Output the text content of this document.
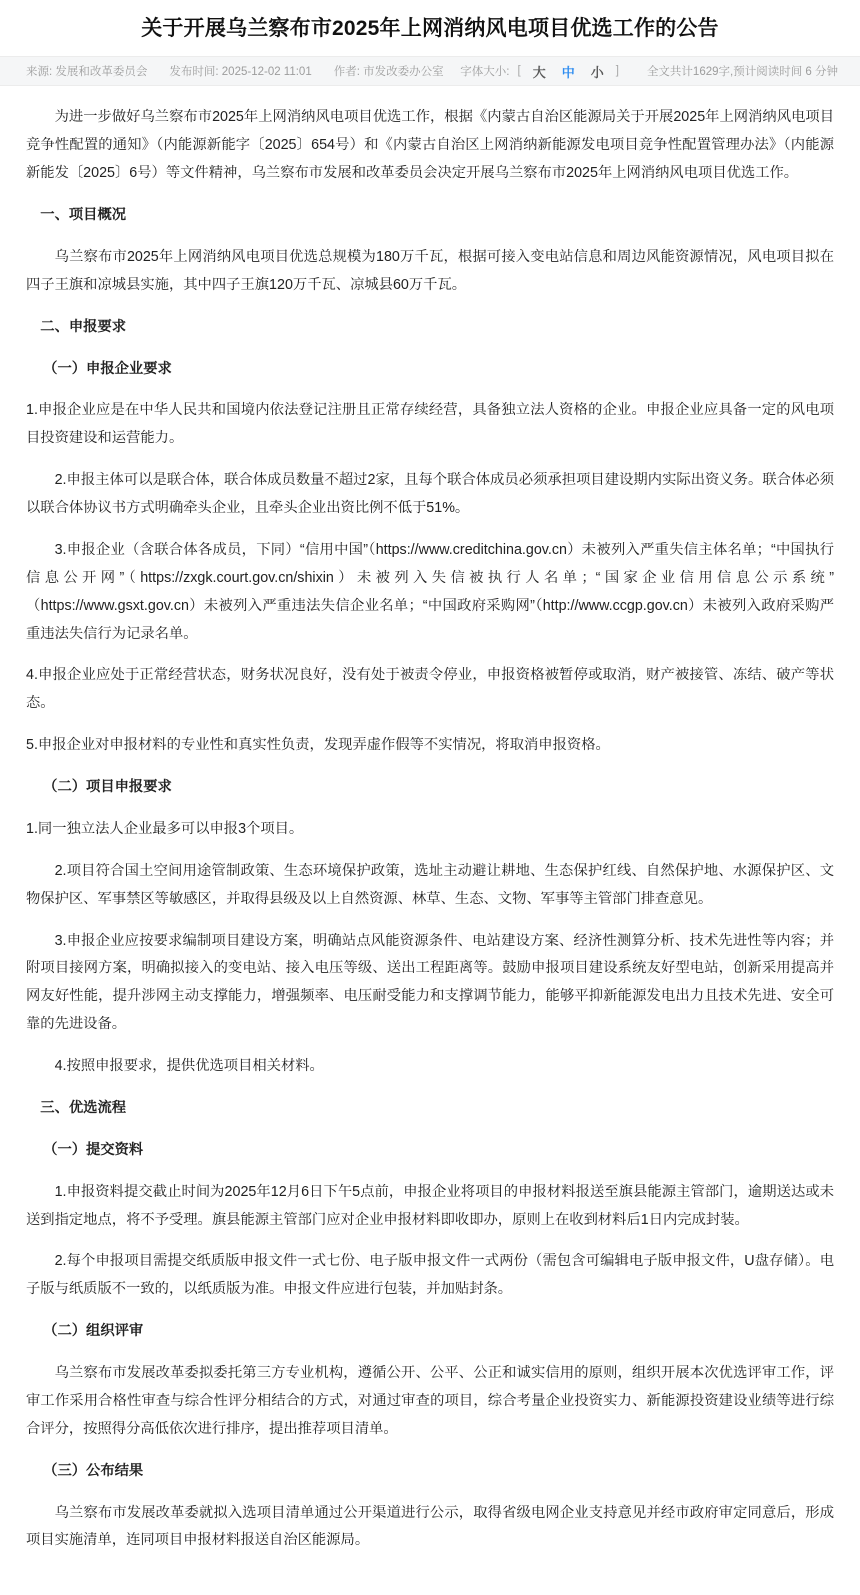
关于开展乌兰察布市2025年上网消纳风电项目优选工作的公告
来源: 发展和改革委员会 发布时间: 2025-12-02 11:01 作者: 市发改委办公室 字体大小: [ 大	中	小	] 全文共计1629字,预计阅读时间 6 分钟

为进一步做好乌兰察布市2025年上网消纳风电项目优选工作，根据《内蒙古自治区能源局关于开展2025年上网消纳风电项目竞争性配置的通知》（内能源新能字〔2025〕654号）和《内蒙古自治区上网消纳新能源发电项目竞争性配置管理办法》（内能源新能发〔2025〕6号）等文件精神，乌兰察布市发展和改革委员会决定开展乌兰察布市2025年上网消纳风电项目优选工作。

一、项目概况

乌兰察布市2025年上网消纳风电项目优选总规模为180万千瓦，根据可接入变电站信息和周边风能资源情况，风电项目拟在四子王旗和凉城县实施，其中四子王旗120万千瓦、凉城县60万千瓦。

二、申报要求

（一）申报企业要求

1.申报企业应是在中华人民共和国境内依法登记注册且正常存续经营，具备独立法人资格的企业。申报企业应具备一定的风电项目投资建设和运营能力。

2.申报主体可以是联合体，联合体成员数量不超过2家，且每个联合体成员必须承担项目建设期内实际出资义务。联合体必须以联合体协议书方式明确牵头企业，且牵头企业出资比例不低于51%。

3.申报企业（含联合体各成员，下同）“信用中国”（https://www.creditchina.gov.cn）未被列入严重失信主体名单；“中国执行信息公开网”（https://zxgk.court.gov.cn/shixin）未被列入失信被执行人名单；“国家企业信用信息公示系统”（https://www.gsxt.gov.cn）未被列入严重违法失信企业名单；“中国政府采购网”（http://www.ccgp.gov.cn）未被列入政府采购严重违法失信行为记录名单。

4.申报企业应处于正常经营状态，财务状况良好，没有处于被责令停业，申报资格被暂停或取消，财产被接管、冻结、破产等状态。

5.申报企业对申报材料的专业性和真实性负责，发现弄虚作假等不实情况，将取消申报资格。

（二）项目申报要求

1.同一独立法人企业最多可以申报3个项目。

2.项目符合国土空间用途管制政策、生态环境保护政策，选址主动避让耕地、生态保护红线、自然保护地、水源保护区、文物保护区、军事禁区等敏感区，并取得县级及以上自然资源、林草、生态、文物、军事等主管部门排查意见。

3.申报企业应按要求编制项目建设方案，明确站点风能资源条件、电站建设方案、经济性测算分析、技术先进性等内容；并附项目接网方案，明确拟接入的变电站、接入电压等级、送出工程距离等。鼓励申报项目建设系统友好型电站，创新采用提高并网友好性能，提升涉网主动支撑能力，增强频率、电压耐受能力和支撑调节能力，能够平抑新能源发电出力且技术先进、安全可靠的先进设备。

4.按照申报要求，提供优选项目相关材料。

三、优选流程

（一）提交资料

1.申报资料提交截止时间为2025年12月6日下午5点前，申报企业将项目的申报材料报送至旗县能源主管部门，逾期送达或未送到指定地点，将不予受理。旗县能源主管部门应对企业申报材料即收即办，原则上在收到材料后1日内完成封装。

2.每个申报项目需提交纸质版申报文件一式七份、电子版申报文件一式两份（需包含可编辑电子版申报文件，U盘存储）。电子版与纸质版不一致的，以纸质版为准。申报文件应进行包装，并加贴封条。

（二）组织评审

乌兰察布市发展改革委拟委托第三方专业机构，遵循公开、公平、公正和诚实信用的原则，组织开展本次优选评审工作，评审工作采用合格性审查与综合性评分相结合的方式，对通过审查的项目，综合考量企业投资实力、新能源投资建设业绩等进行综合评分，按照得分高低依次进行排序，提出推荐项目清单。

（三）公布结果

乌兰察布市发展改革委就拟入选项目清单通过公开渠道进行公示，取得省级电网企业支持意见并经市政府审定同意后，形成项目实施清单，连同项目申报材料报送自治区能源局。
